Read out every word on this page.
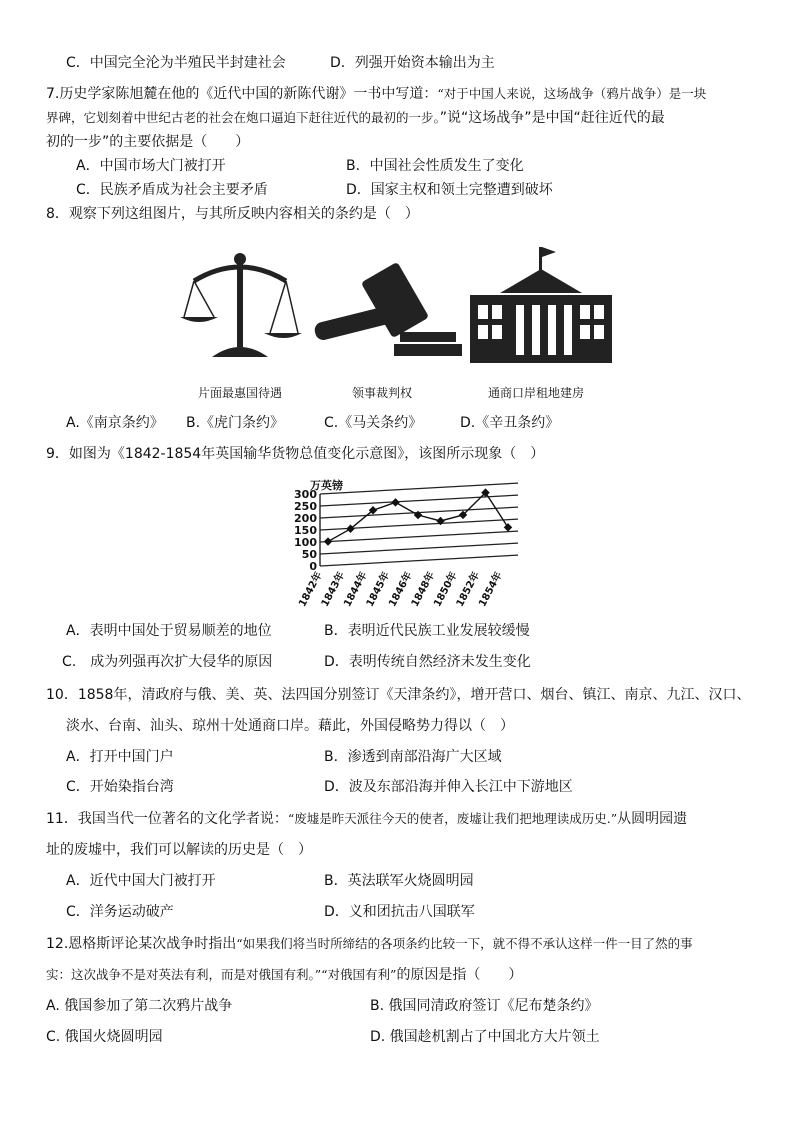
C．中国完全沦为半殖民半封建社会	D．列强开始资本输出为主
7.历史学家陈旭麓在他的《近代中国的新陈代谢》一书中写道：“对于中国人来说，这场战争（鸦片战争）是一块
界碑，它划刻着中世纪古老的社会在炮口逼迫下赶往近代的最初的一步。”说“这场战争”是中国“赶往近代的最
初的一步”的主要依据是（　　）
A．中国市场大门被打开	B．中国社会性质发生了变化
C．民族矛盾成为社会主要矛盾	D．国家主权和领土完整遭到破坏
8．观察下列这组图片，与其所反映内容相关的条约是（　）
片面最惠国待遇	领事裁判权	通商口岸租地建房
A.《南京条约》 B.《虎门条约》	C.《马关条约》	D.《辛丑条约》
9．如图为《1842-1854年英国输华货物总值变化示意图》，该图所示现象（　）
万英镑
300
250
200
150
100
50
0
1842年
1843年
1844年
1845年
1846年
1848年
1850年
1852年
1854年
A．表明中国处于贸易顺差的地位	B．表明近代民族工业发展较缓慢
C.　成为列强再次扩大侵华的原因	D．表明传统自然经济未发生变化
10．1858年，清政府与俄、美、英、法四国分别签订《天津条约》，增开营口、烟台、镇江、南京、九江、汉口、
淡水、台南、汕头、琼州十处通商口岸。藉此，外国侵略势力得以（　）
A．打开中国门户	B．渗透到南部沿海广大区域
C．开始染指台湾	D．波及东部沿海并伸入长江中下游地区
11．我国当代一位著名的文化学者说：“废墟是昨天派往今天的使者，废墟让我们把地理读成历史.”从圆明园遗
址的废墟中，我们可以解读的历史是（　）
A．近代中国大门被打开	B．英法联军火烧圆明园
C．洋务运动破产	D．义和团抗击八国联军
12.恩格斯评论某次战争时指出“如果我们将当时所缔结的各项条约比较一下，就不得不承认这样一件一目了然的事
实：这次战争不是对英法有利，而是对俄国有利。”“对俄国有利”的原因是指（　　）
A. 俄国参加了第二次鸦片战争	B. 俄国同清政府签订《尼布楚条约》
C. 俄国火烧圆明园	D. 俄国趁机割占了中国北方大片领土
